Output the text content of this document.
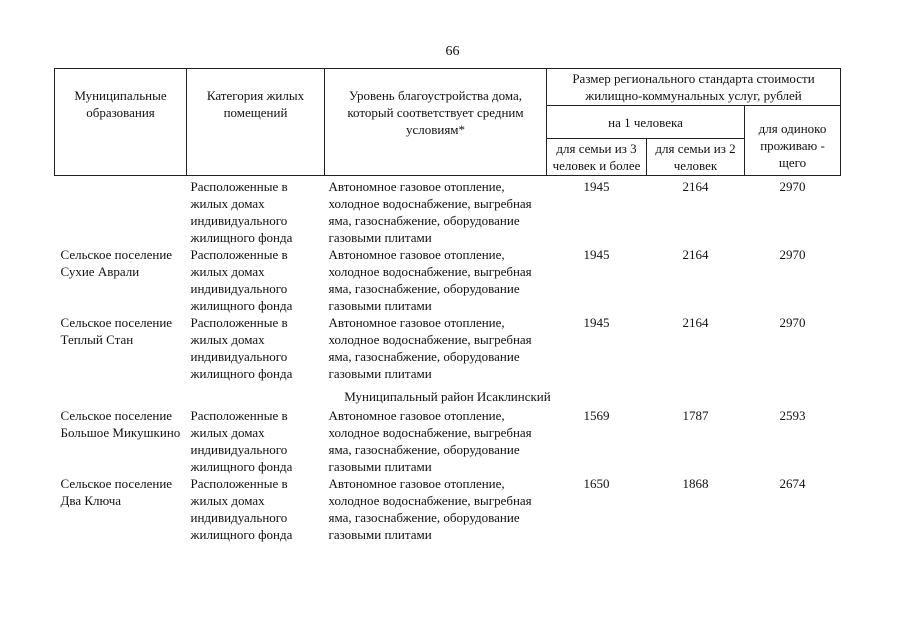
66
Муниципальные образования	Категория жилых помещений	Уровень благоустройства дома, который соответствует средним условиям*	Размер регионального стандарта стоимости жилищно-коммунальных услуг, рублей		
			на 1 человека		для одиноко проживаю - щего
			для семьи из 3 человек и более	для семьи из 2 человек	
	Расположенные в жилых домах индивидуального жилищного фонда	Автономное газовое отопление, холодное водоснабжение, выгребная яма, газоснабжение, оборудование газовыми плитами	1945	2164	2970
Сельское поселение Сухие Аврали	Расположенные в жилых домах индивидуального жилищного фонда	Автономное газовое отопление, холодное водоснабжение, выгребная яма, газоснабжение, оборудование газовыми плитами	1945	2164	2970
Сельское поселение Теплый Стан	Расположенные в жилых домах индивидуального жилищного фонда	Автономное газовое отопление, холодное водоснабжение, выгребная яма, газоснабжение, оборудование газовыми плитами	1945	2164	2970
Муниципальный район Исаклинский					
Сельское поселение Большое Микушкино	Расположенные в жилых домах индивидуального жилищного фонда	Автономное газовое отопление, холодное водоснабжение, выгребная яма, газоснабжение, оборудование газовыми плитами	1569	1787	2593
Сельское поселение Два Ключа	Расположенные в жилых домах индивидуального жилищного фонда	Автономное газовое отопление, холодное водоснабжение, выгребная яма, газоснабжение, оборудование газовыми плитами	1650	1868	2674
